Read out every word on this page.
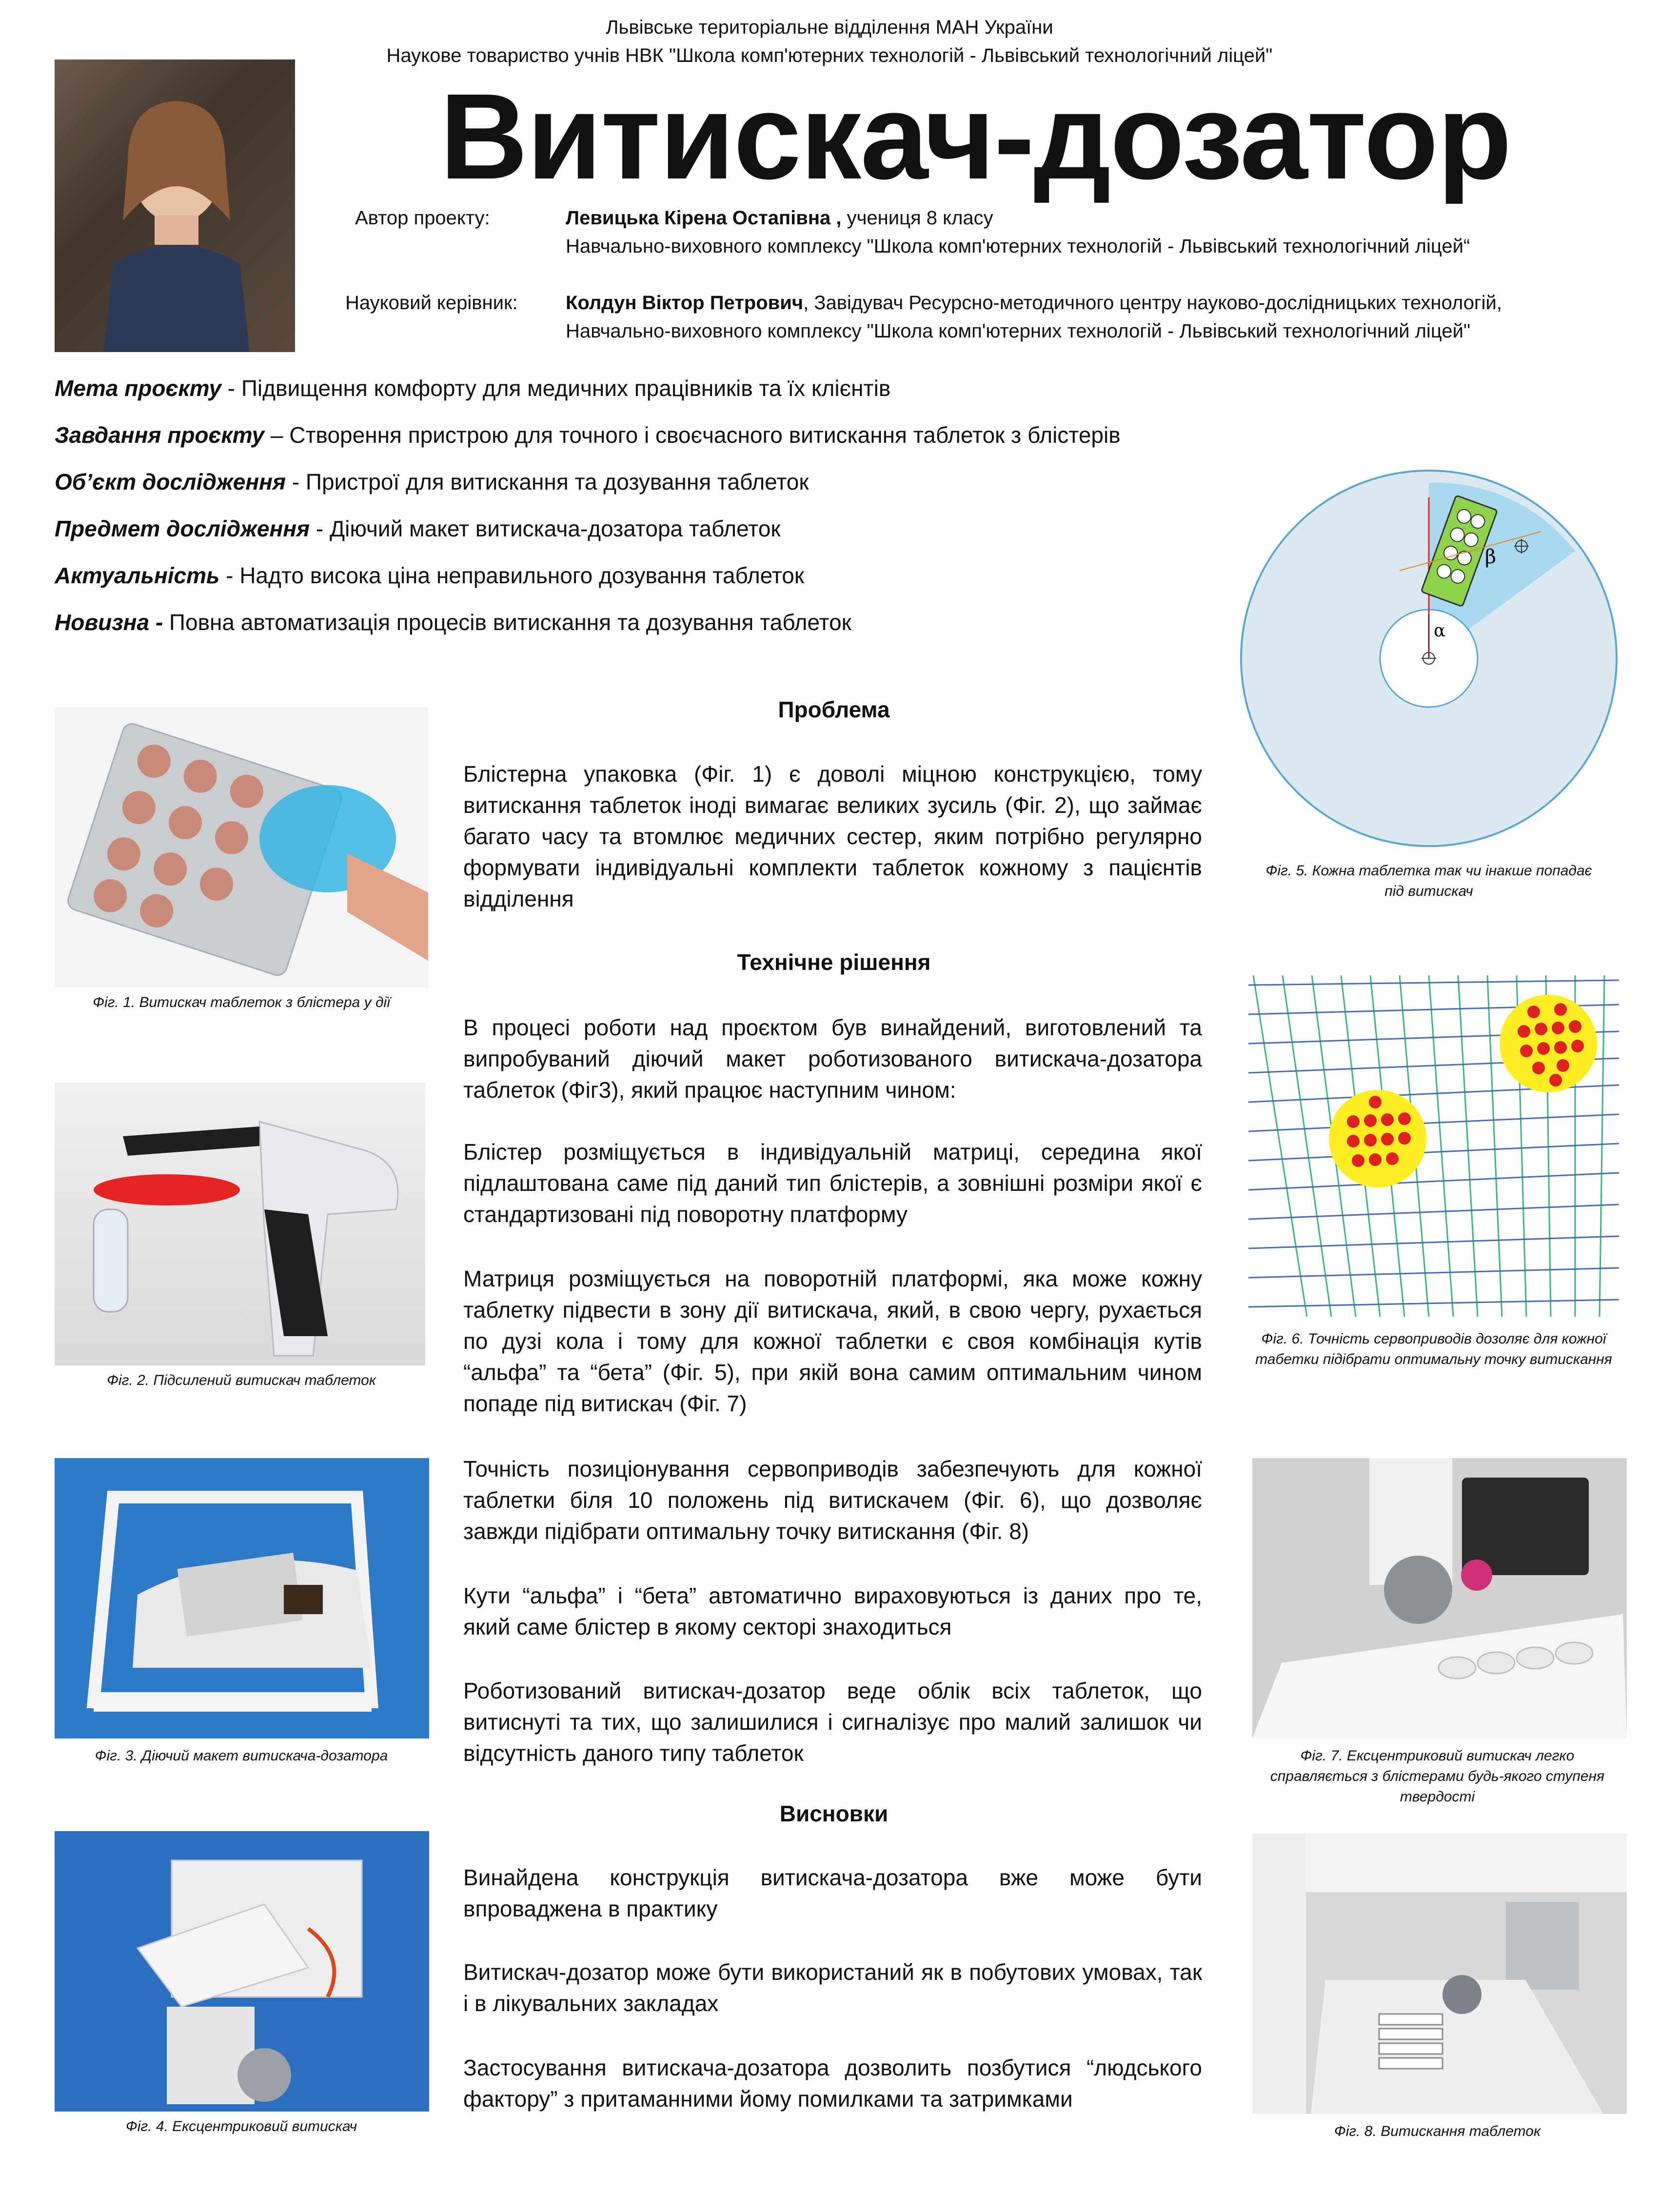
Львівське територіальне відділення МАН України
Наукове товариство учнів НВК "Школа комп'ютерних технологій - Львівський технологічний ліцей"
Витискач-дозатор
Автор проекту:	Левицька Кірена Остапівна , учениця 8 класу
Навчально-виховного комплексу "Школа комп'ютерних технологій - Львівський технологічний ліцей“
Науковий керівник: Колдун Віктор Петрович, Завідувач Ресурсно-методичного центру науково-дослідницьких технологій,
Навчально-виховного комплексу "Школа комп'ютерних технологій - Львівський технологічний ліцей"
Мета проєкту - Підвищення комфорту для медичних працівників та їх клієнтів
Завдання проєкту – Створення пристрою для точного і своєчасного витискання таблеток з блістерів
Об’єкт дослідження - Пристрої для витискання та дозування таблеток
Предмет дослідження - Діючий макет витискача-дозатора таблеток
Актуальність - Надто висока ціна неправильного дозування таблеток
Новизна - Повна автоматизація процесів витискання та дозування таблеток	α
β
Фіг. 5. Кожна таблетка так чи інакше попадає під витискач
Фіг. 6. Точність сервоприводів дозоляє для кожної табетки підібрати оптимальну точку витискання
Фіг. 1. Витискач таблеток з блістера у дії
Фіг. 2. Підсилений витискач таблеток
Фіг. 3. Діючий макет витискача-дозатора
Фіг. 4. Ексцентриковий витискач
Фіг. 7. Ексцентриковий витискач легко справляється з блістерами будь-якого ступеня твердості
Фіг. 8. Витискання таблеток
Проблема
Блістерна упаковка (Фіг. 1) є доволі міцною конструкцією, тому витискання таблеток іноді вимагає великих зусиль (Фіг. 2), що займає багато часу та втомлює медичних сестер, яким потрібно регулярно формувати індивідуальні комплекти таблеток кожному з пацієнтів відділення
Технічне рішення
В процесі роботи над проєктом був винайдений, виготовлений та випробуваний діючий макет роботизованого витискача-дозатора таблеток (Фіг3), який працює наступним чином:
Блістер розміщується в індивідуальній матриці, середина якої підлаштована саме під даний тип блістерів, а зовнішні розміри якої є стандартизовані під поворотну платформу
Матриця розміщується на поворотній платформі, яка може кожну таблетку підвести в зону дії витискача, який, в свою чергу, рухається по дузі кола і тому для кожної таблетки є своя комбінація кутів “альфа” та “бета” (Фіг. 5), при якій вона самим оптимальним чином попаде під витискач (Фіг. 7)
Точність позиціонування сервоприводів забезпечують для кожної таблетки біля 10 положень під витискачем (Фіг. 6), що дозволяє завжди підібрати оптимальну точку витискання (Фіг. 8)
Кути “альфа” і “бета” автоматично вираховуються із даних про те, який саме блістер в якому секторі знаходиться
Роботизований витискач-дозатор веде облік всіх таблеток, що витиснуті та тих, що залишилися і сигналізує про малий залишок чи відсутність даного типу таблеток
Висновки
Винайдена конструкція витискача-дозатора вже може бути впроваджена в практику
Витискач-дозатор може бути використаний як в побутових умовах, так і в лікувальних закладах
Застосування витискача-дозатора дозволить позбутися “людського фактору” з притаманними йому помилками та затримками
